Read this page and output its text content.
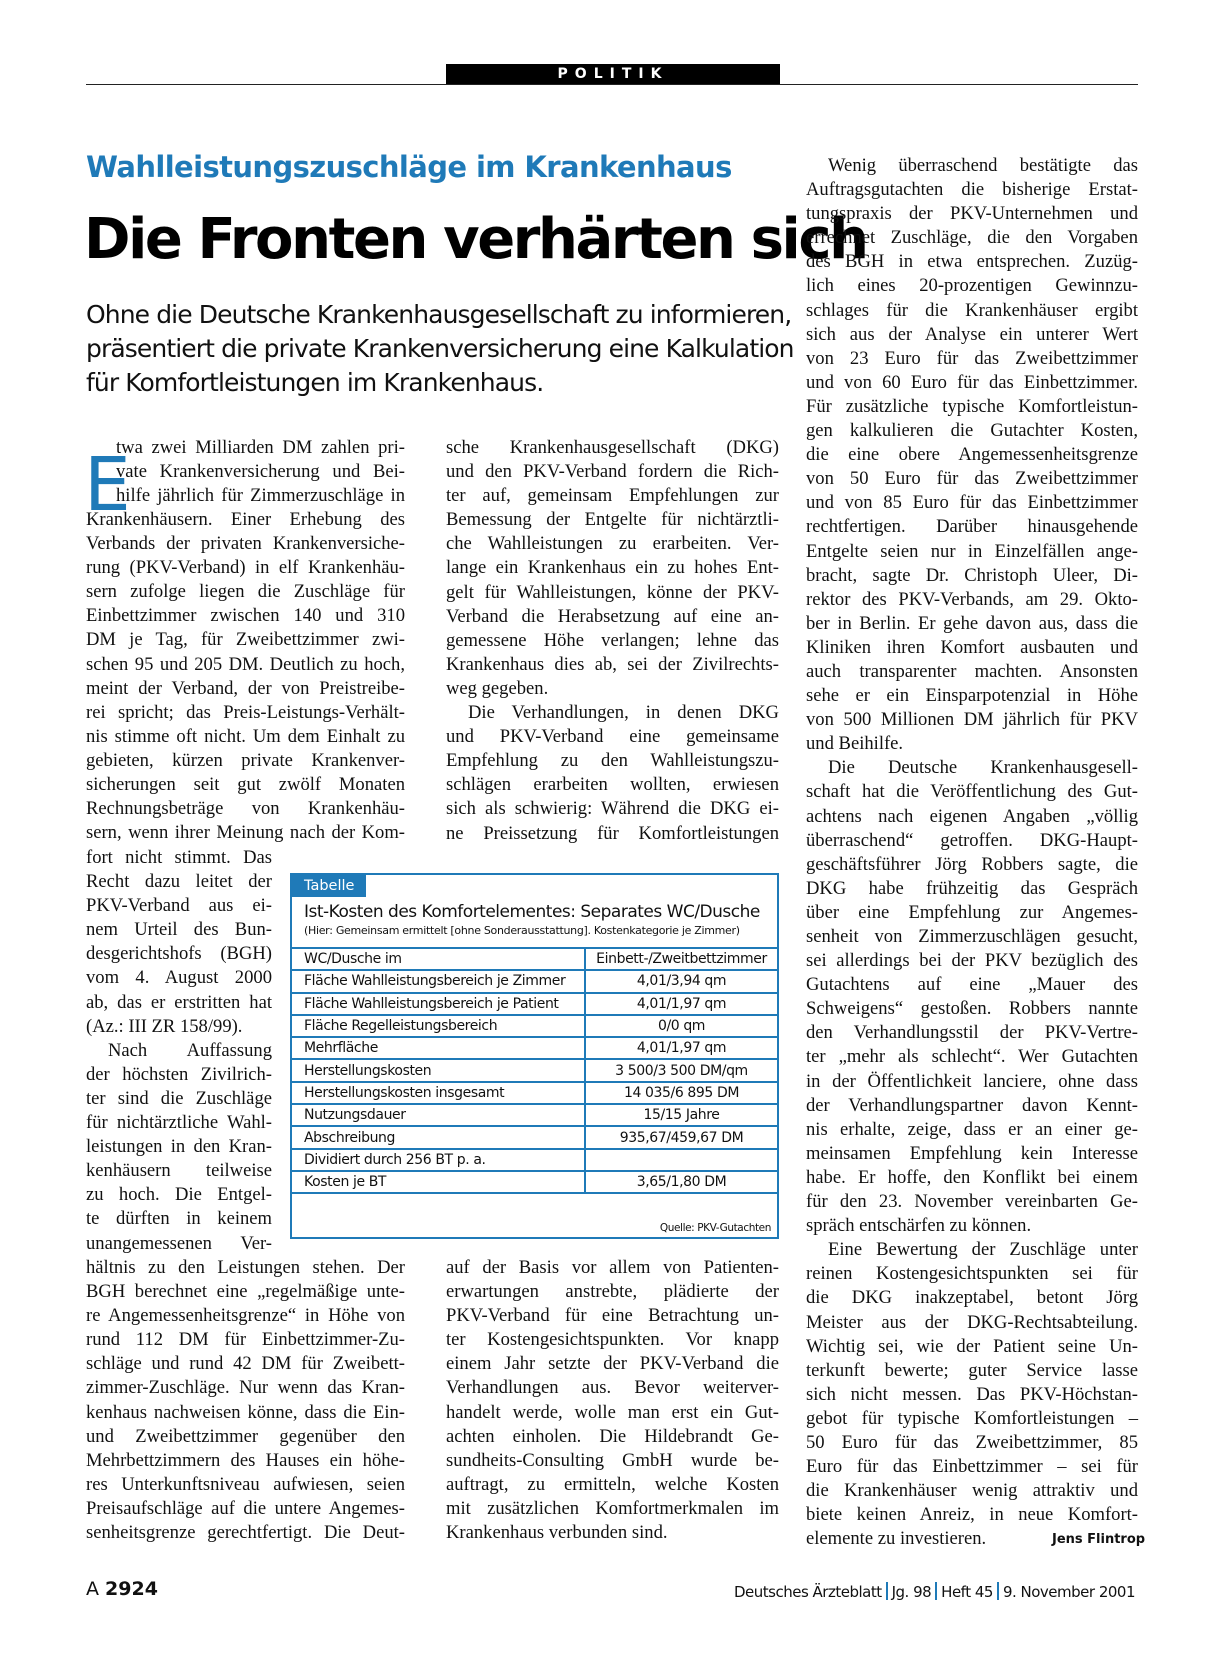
POLITIK
Wahlleistungszuschläge im Krankenhaus
Die Fronten verhärten sich
Ohne die Deutsche Krankenhausgesellschaft zu informieren,
präsentiert die private Krankenversicherung eine Kalkulation
für Komfortleistungen im Krankenhaus.
E
twa zwei Milliarden DM zahlen pri-
vate Krankenversicherung und Bei-
hilfe jährlich für Zimmerzuschläge in
Krankenhäusern. Einer Erhebung des
Verbands der privaten Krankenversiche-
rung (PKV-Verband) in elf Krankenhäu-
sern zufolge liegen die Zuschläge für
Einbettzimmer zwischen 140 und 310
DM je Tag, für Zweibettzimmer zwi-
schen 95 und 205 DM. Deutlich zu hoch,
meint der Verband, der von Preistreibe-
rei spricht; das Preis-Leistungs-Verhält-
nis stimme oft nicht. Um dem Einhalt zu
gebieten, kürzen private Krankenver-
sicherungen seit gut zwölf Monaten
Rechnungsbeträge von Krankenhäu-
sern, wenn ihrer Meinung nach der Kom-
fort nicht stimmt. Das
Recht dazu leitet der
PKV-Verband aus ei-
nem Urteil des Bun-
desgerichtshofs (BGH)
vom 4. August 2000
ab, das er erstritten hat
(Az.: III ZR 158/99).
Nach Auffassung
der höchsten Zivilrich-
ter sind die Zuschläge
für nichtärztliche Wahl-
leistungen in den Kran-
kenhäusern teilweise
zu hoch. Die Entgel-
te dürften in keinem
unangemessenen Ver-
hältnis zu den Leistungen stehen. Der
BGH berechnet eine „regelmäßige unte-
re Angemessenheitsgrenze“ in Höhe von
rund 112 DM für Einbettzimmer-Zu-
schläge und rund 42 DM für Zweibett-
zimmer-Zuschläge. Nur wenn das Kran-
kenhaus nachweisen könne, dass die Ein-
und Zweibettzimmer gegenüber den
Mehrbettzimmern des Hauses ein höhe-
res Unterkunftsniveau aufwiesen, seien
Preisaufschläge auf die untere Angemes-
senheitsgrenze gerechtfertigt. Die Deut-
sche Krankenhausgesellschaft (DKG)
und den PKV-Verband fordern die Rich-
ter auf, gemeinsam Empfehlungen zur
Bemessung der Entgelte für nichtärztli-
che Wahlleistungen zu erarbeiten. Ver-
lange ein Krankenhaus ein zu hohes Ent-
gelt für Wahlleistungen, könne der PKV-
Verband die Herabsetzung auf eine an-
gemessene Höhe verlangen; lehne das
Krankenhaus dies ab, sei der Zivilrechts-
weg gegeben.
Die Verhandlungen, in denen DKG
und PKV-Verband eine gemeinsame
Empfehlung zu den Wahlleistungszu-
schlägen erarbeiten wollten, erwiesen
sich als schwierig: Während die DKG ei-
ne Preissetzung für Komfortleistungen
auf der Basis vor allem von Patienten-
erwartungen anstrebte, plädierte der
PKV-Verband für eine Betrachtung un-
ter Kostengesichtspunkten. Vor knapp
einem Jahr setzte der PKV-Verband die
Verhandlungen aus. Bevor weiterver-
handelt werde, wolle man erst ein Gut-
achten einholen. Die Hildebrandt Ge-
sundheits-Consulting GmbH wurde be-
auftragt, zu ermitteln, welche Kosten
mit zusätzlichen Komfortmerkmalen im
Krankenhaus verbunden sind.
Wenig überraschend bestätigte das
Auftragsgutachten die bisherige Erstat-
tungspraxis der PKV-Unternehmen und
errechnet Zuschläge, die den Vorgaben
des BGH in etwa entsprechen. Zuzüg-
lich eines 20-prozentigen Gewinnzu-
schlages für die Krankenhäuser ergibt
sich aus der Analyse ein unterer Wert
von 23 Euro für das Zweibettzimmer
und von 60 Euro für das Einbettzimmer.
Für zusätzliche typische Komfortleistun-
gen kalkulieren die Gutachter Kosten,
die eine obere Angemessenheitsgrenze
von 50 Euro für das Zweibettzimmer
und von 85 Euro für das Einbettzimmer
rechtfertigen. Darüber hinausgehende
Entgelte seien nur in Einzelfällen ange-
bracht, sagte Dr. Christoph Uleer, Di-
rektor des PKV-Verbands, am 29. Okto-
ber in Berlin. Er gehe davon aus, dass die
Kliniken ihren Komfort ausbauten und
auch transparenter machten. Ansonsten
sehe er ein Einsparpotenzial in Höhe
von 500 Millionen DM jährlich für PKV
und Beihilfe.
Die Deutsche Krankenhausgesell-
schaft hat die Veröffentlichung des Gut-
achtens nach eigenen Angaben „völlig
überraschend“ getroffen. DKG-Haupt-
geschäftsführer Jörg Robbers sagte, die
DKG habe frühzeitig das Gespräch
über eine Empfehlung zur Angemes-
senheit von Zimmerzuschlägen gesucht,
sei allerdings bei der PKV bezüglich des
Gutachtens auf eine „Mauer des
Schweigens“ gestoßen. Robbers nannte
den Verhandlungsstil der PKV-Vertre-
ter „mehr als schlecht“. Wer Gutachten
in der Öffentlichkeit lanciere, ohne dass
der Verhandlungspartner davon Kennt-
nis erhalte, zeige, dass er an einer ge-
meinsamen Empfehlung kein Interesse
habe. Er hoffe, den Konflikt bei einem
für den 23. November vereinbarten Ge-
spräch entschärfen zu können.
Eine Bewertung der Zuschläge unter
reinen Kostengesichtspunkten sei für
die DKG inakzeptabel, betont Jörg
Meister aus der DKG-Rechtsabteilung.
Wichtig sei, wie der Patient seine Un-
terkunft bewerte; guter Service lasse
sich nicht messen. Das PKV-Höchstan-
gebot für typische Komfortleistungen –
50 Euro für das Zweibettzimmer, 85
Euro für das Einbettzimmer – sei für
die Krankenhäuser wenig attraktiv und
biete keinen Anreiz, in neue Komfort-
elemente zu investieren.	Jens Flintrop
Tabelle
Ist-Kosten des Komfortelementes: Separates WC/Dusche
(Hier: Gemeinsam ermittelt [ohne Sonderausstattung]. Kostenkategorie je Zimmer)
WC/Dusche im	Einbett-/Zweitbettzimmer
Fläche Wahlleistungsbereich je Zimmer	4,01/3,94 qm
Fläche Wahlleistungsbereich je Patient	4,01/1,97 qm
Fläche Regelleistungsbereich	0/0 qm
Mehrfläche	4,01/1,97 qm
Herstellungskosten	3 500/3 500 DM/qm
Herstellungskosten insgesamt	14 035/6 895 DM
Nutzungsdauer	15/15 Jahre
Abschreibung	935,67/459,67 DM
Dividiert durch 256 BT p. a.	
Kosten je BT	3,65/1,80 DM

Quelle: PKV-Gutachten
A 2924	Deutsches Ärzteblatt Jg. 98 Heft 45 9. November 2001
